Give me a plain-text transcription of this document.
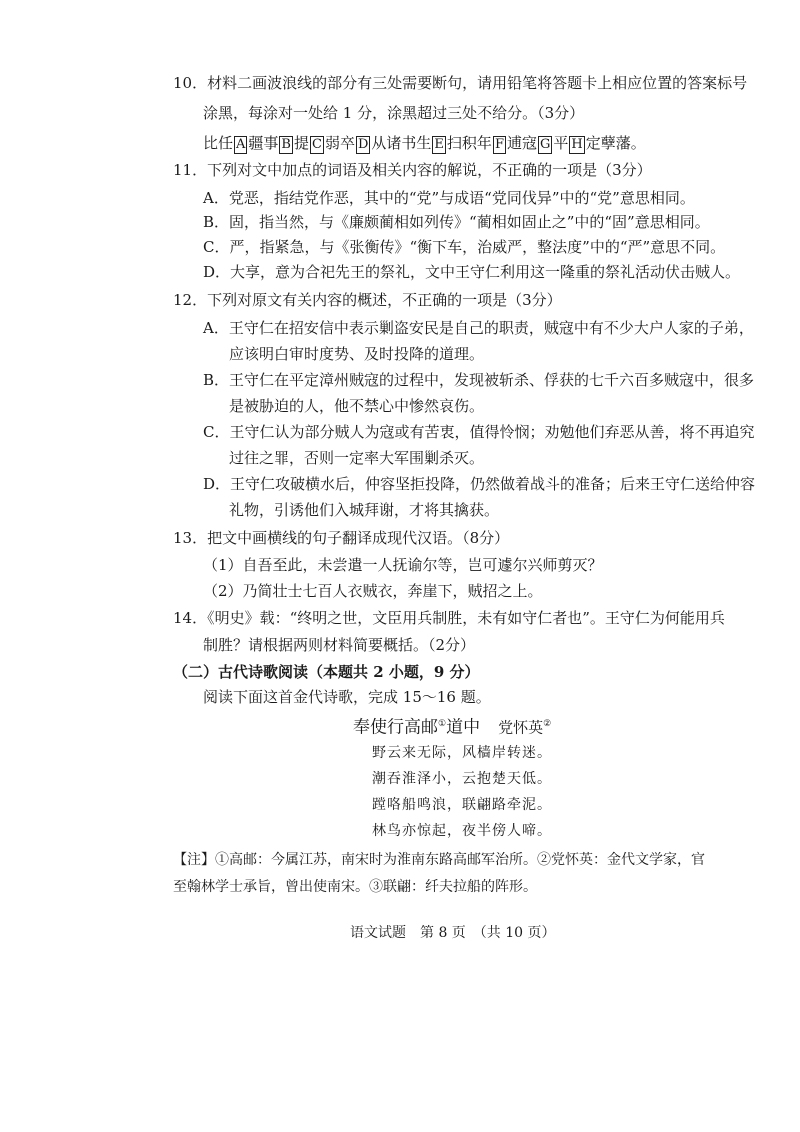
10．材料二画波浪线的部分有三处需要断句，请用铅笔将答题卡上相应位置的答案标号
涂黑，每涂对一处给 1 分，涂黑超过三处不给分。（3分）
比任 A 疆事 B 提 C 弱卒 D 从诸书生 E 扫积年 F 逋寇 G 平 H 定孽藩。
11．下列对文中加点的词语及相关内容的解说，不正确的一项是（3分）
A．党恶，指结党作恶，其中的“党”与成语“党同伐异”中的“党”意思相同。
B．固，指当然，与《廉颇蔺相如列传》“蔺相如固止之”中的“固”意思相同。
C．严，指紧急，与《张衡传》“衡下车，治威严，整法度”中的“严”意思不同。
D．大享，意为合祀先王的祭礼，文中王守仁利用这一隆重的祭礼活动伏击贼人。
12．下列对原文有关内容的概述，不正确的一项是（3分）
A．王守仁在招安信中表示剿盗安民是自己的职责，贼寇中有不少大户人家的子弟，
应该明白审时度势、及时投降的道理。
B．王守仁在平定漳州贼寇的过程中，发现被斩杀、俘获的七千六百多贼寇中，很多
是被胁迫的人，他不禁心中惨然哀伤。
C．王守仁认为部分贼人为寇或有苦衷，值得怜悯；劝勉他们弃恶从善，将不再追究
过往之罪，否则一定率大军围剿杀灭。
D．王守仁攻破横水后，仲容坚拒投降，仍然做着战斗的准备；后来王守仁送给仲容
礼物，引诱他们入城拜谢，才将其擒获。
13．把文中画横线的句子翻译成现代汉语。（8分）
（1）自吾至此，未尝遣一人抚谕尔等，岂可遽尔兴师剪灭？
（2）乃简壮士七百人衣贼衣，奔崖下，贼招之上。
14．《明史》载：“终明之世，文臣用兵制胜，未有如守仁者也”。王守仁为何能用兵
制胜？请根据两则材料简要概括。（2分）
（二）古代诗歌阅读（本题共 2 小题，9 分）
阅读下面这首金代诗歌，完成 15～16 题。
奉使行高邮①道中 党怀英②
野云来无际，风樯岸转迷。
潮吞淮泽小，云抱楚天低。
蹚咯船鸣浪，联翩路牵泥。
林鸟亦惊起，夜半傍人啼。
【注】①高邮：今属江苏，南宋时为淮南东路高邮军治所。②党怀英：金代文学家，官
至翰林学士承旨，曾出使南宋。③联翩：纤夫拉船的阵形。
语文试题　第 8 页　（共 10 页）
